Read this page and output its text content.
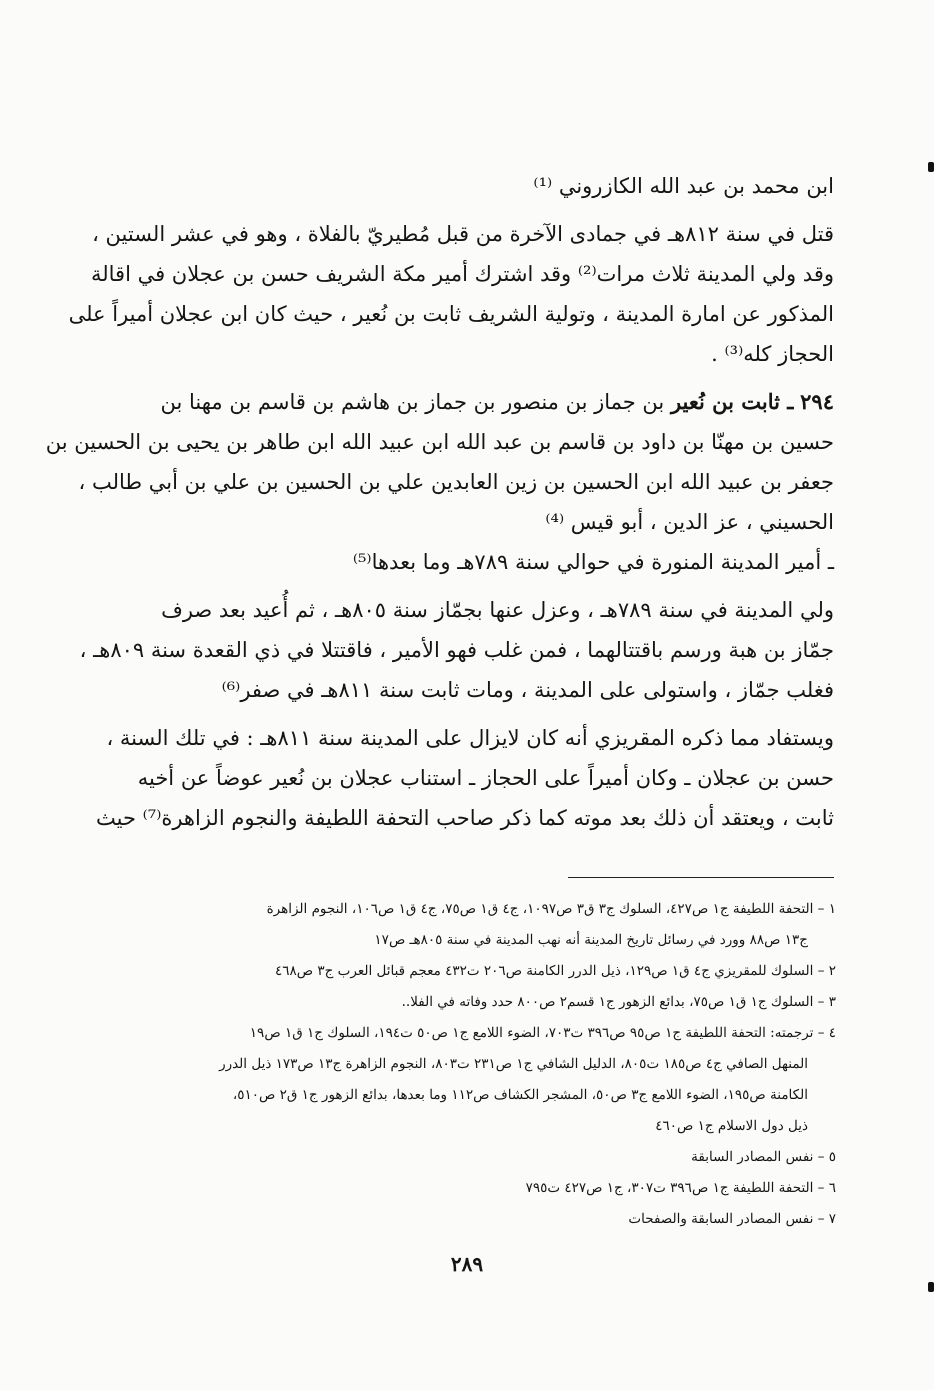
ابن محمد بن عبد الله الكازروني ⁽¹⁾
قتل في سنة ٨١٢هـ في جمادى الآخرة من قبل مُطيريّ بالفلاة ، وهو في عشر الستين ،
وقد ولي المدينة ثلاث مرات⁽²⁾ وقد اشترك أمير مكة الشريف حسن بن عجلان في اقالة
المذكور عن امارة المدينة ، وتولية الشريف ثابت بن نُعير ، حيث كان ابن عجلان أميراً على
الحجاز كله⁽³⁾ .
٢٩٤ ـ ثابت بن نُعير بن جماز بن منصور بن جماز بن هاشم بن قاسم بن مهنا بن
حسين بن مهنّا بن داود بن قاسم بن عبد الله ابن عبيد الله ابن طاهر بن يحيى بن الحسين بن
جعفر بن عبيد الله ابن الحسين بن زين العابدين علي بن الحسين بن علي بن أبي طالب ،
الحسيني ، عز الدين ، أبو قيس ⁽⁴⁾
ـ أمير المدينة المنورة في حوالي سنة ٧٨٩هـ وما بعدها⁽⁵⁾
ولي المدينة في سنة ٧٨٩هـ ، وعزل عنها بجمّاز سنة ٨٠٥هـ ، ثم أُعيد بعد صرف
جمّاز بن هبة ورسم باقتتالهما ، فمن غلب فهو الأمير ، فاقتتلا في ذي القعدة سنة ٨٠٩هـ ،
فغلب جمّاز ، واستولى على المدينة ، ومات ثابت سنة ٨١١هـ في صفر⁽⁶⁾
ويستفاد مما ذكره المقريزي أنه كان لايزال على المدينة سنة ٨١١هـ : في تلك السنة ،
حسن بن عجلان ـ وكان أميراً على الحجاز ـ استناب عجلان بن نُعير عوضاً عن أخيه
ثابت ، ويعتقد أن ذلك بعد موته كما ذكر صاحب التحفة اللطيفة والنجوم الزاهرة⁽⁷⁾ حيث
١ – التحفة اللطيفة ج١ ص٤٢٧، السلوك ج٣ ق٣ ص١٠٩٧، ج٤ ق١ ص٧٥، ج٤ ق١ ص١٠٦، النجوم الزاهرة
ج١٣ ص٨٨ وورد في رسائل تاريخ المدينة أنه نهب المدينة في سنة ٨٠٥هـ ص١٧
٢ – السلوك للمقريزي ج٤ ق١ ص١٢٩، ذيل الدرر الكامنة ص٢٠٦ ت٤٣٢ معجم قبائل العرب ج٣ ص٤٦٨
٣ – السلوك ج١ ق١ ص٧٥، بدائع الزهور ج١ قسم٢ ص٨٠٠ حدد وفاته في الفلا..
٤ – ترجمته: التحفة اللطيفة ج١ ص٩٥ ص٣٩٦ ت٧٠٣، الضوء اللامع ج١ ص٥٠ ت١٩٤، السلوك ج١ ق١ ص١٩
المنهل الصافي ج٤ ص١٨٥ ت٨٠٥، الدليل الشافي ج١ ص٢٣١ ت٨٠٣، النجوم الزاهرة ج١٣ ص١٧٣ ذيل الدرر
الكامنة ص١٩٥، الضوء اللامع ج٣ ص٥٠، المشجر الكشاف ص١١٢ وما بعدها، بدائع الزهور ج١ ق٢ ص٥١٠،
ذيل دول الاسلام ج١ ص٤٦٠
٥ – نفس المصادر السابقة
٦ – التحفة اللطيفة ج١ ص٣٩٦ ت٣٠٧، ج١ ص٤٢٧ ت٧٩٥
٧ – نفس المصادر السابقة والصفحات
٢٨٩
